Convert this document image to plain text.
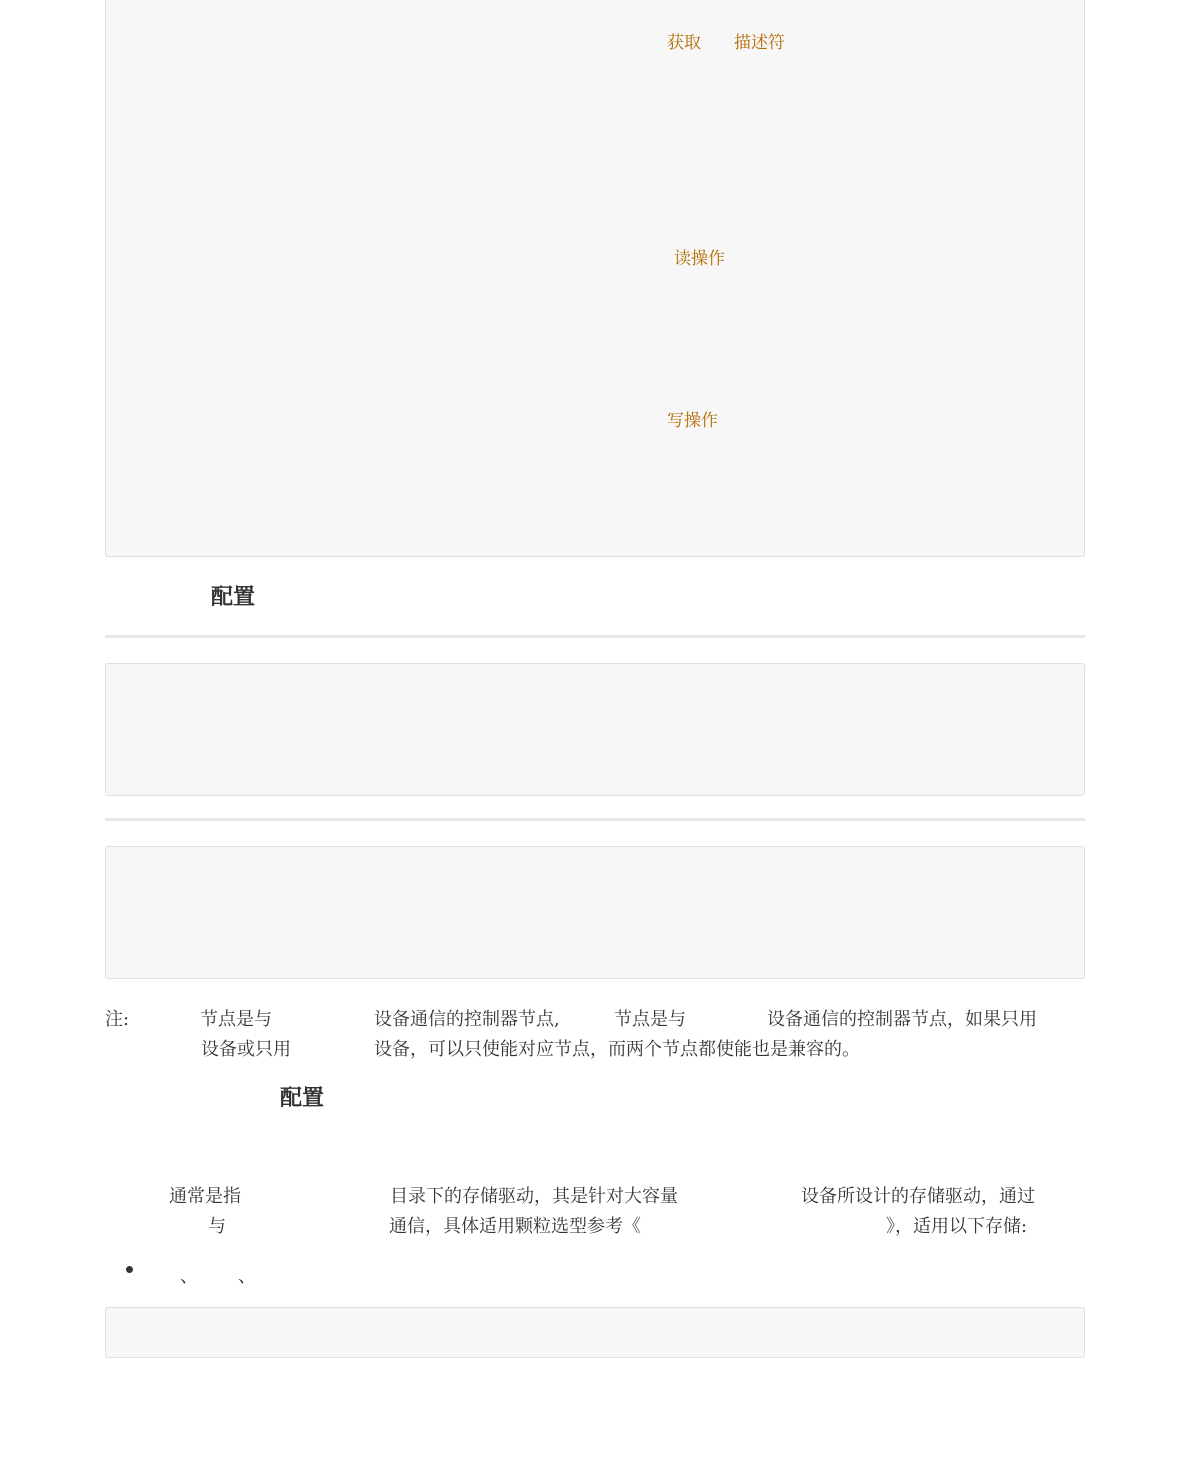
获取 描述符
读操作
写操作
配置
注:	节点是与	设备通信的控制器节点,	节点是与	设备通信的控制器节点，如果只用
设备或只用	设备，可以只使能对应节点，而两个节点都使能也是兼容的。
配置
通常是指	目录下的存储驱动，其是针对大容量	设备所设计的存储驱动，通过
与	通信，具体适用颗粒选型参考《	》，适用以下存储:
、 、
